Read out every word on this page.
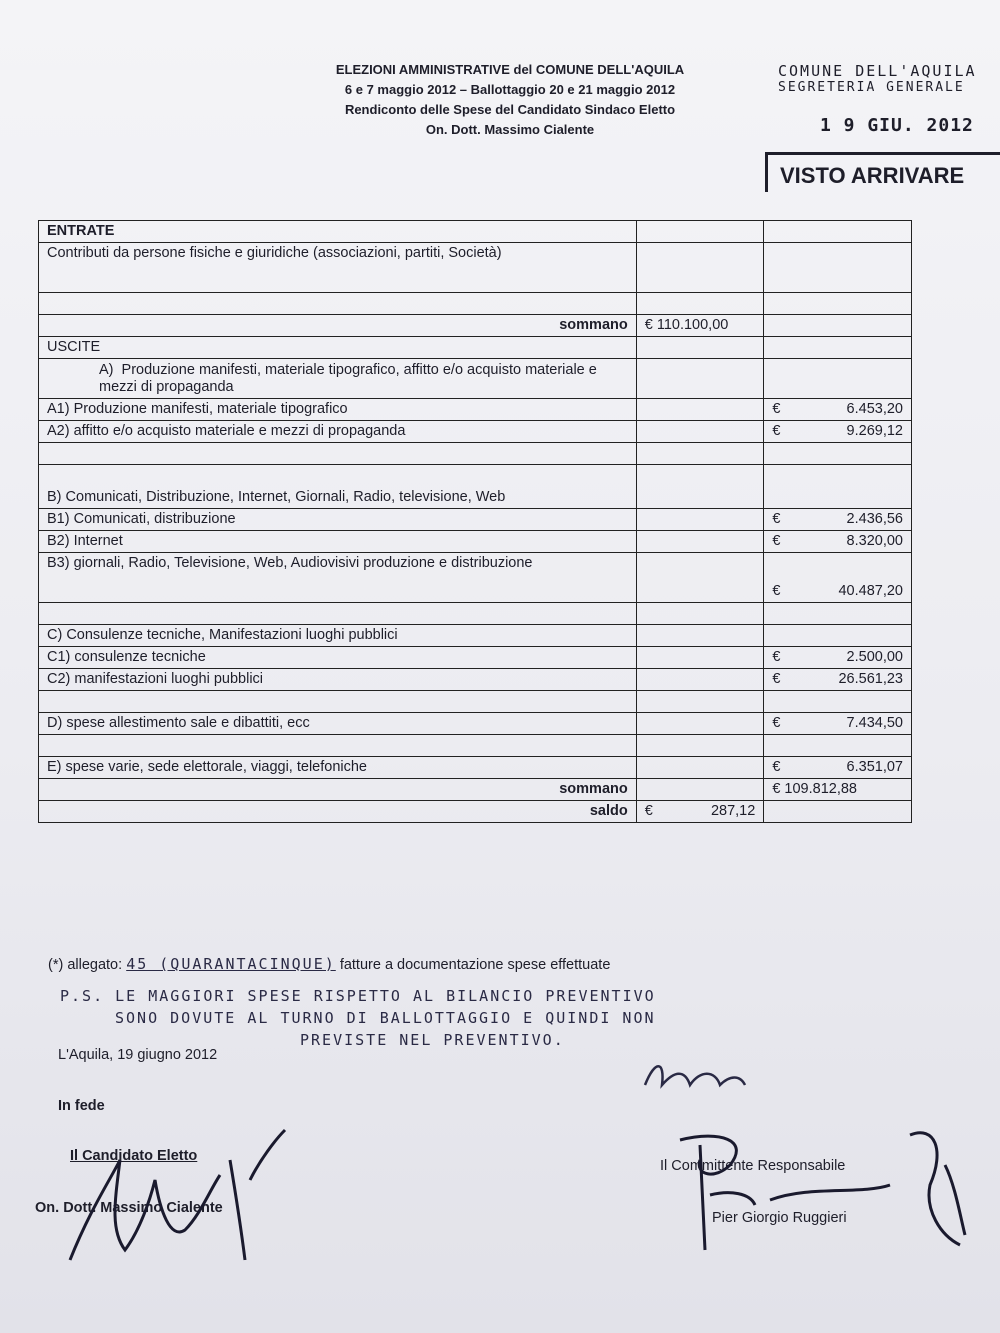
ELEZIONI AMMINISTRATIVE del COMUNE DELL'AQUILA
6 e 7 maggio 2012 – Ballottaggio 20 e 21 maggio 2012
Rendiconto delle Spese del Candidato Sindaco Eletto
On. Dott. Massimo Cialente
COMUNE DELL'AQUILA
SEGRETERIA GENERALE
1 9 GIU. 2012
VISTO ARRIVARE
ENTRATE		
Contributi da persone fisiche e giuridiche (associazioni, partiti, Società)		

sommano	€ 110.100,00	
USCITE		
A)  Produzione manifesti, materiale tipografico, affitto e/o acquisto materiale e mezzi di propaganda		
A1) Produzione manifesti, materiale tipografico		€ 6.453,20

A2) affitto e/o acquisto materiale e mezzi di propaganda		€ 9.269,12

B) Comunicati, Distribuzione, Internet, Giornali, Radio, televisione, Web		
B1) Comunicati, distribuzione		€ 2.436,56

B2) Internet		€ 8.320,00

B3) giornali, Radio, Televisione, Web, Audiovisivi produzione e distribuzione		€ 40.487,20

C) Consulenze tecniche, Manifestazioni luoghi pubblici		
C1) consulenze tecniche		€ 2.500,00

C2) manifestazioni luoghi pubblici		€ 26.561,23

D) spese allestimento sale e dibattiti, ecc		€ 7.434,50

E) spese varie, sede elettorale, viaggi, telefoniche		€ 6.351,07

sommano		€ 109.812,88
saldo	€ 287,12	

(*) allegato: 45 (QUARANTACINQUE) fatture a documentazione spese effettuate
P.S. LE MAGGIORI SPESE RISPETTO AL BILANCIO PREVENTIVO
SONO DOVUTE AL TURNO DI BALLOTTAGGIO E QUINDI NON
PREVISTE NEL PREVENTIVO.
L'Aquila, 19 giugno 2012
In fede
Il Candidato Eletto
On. Dott. Massimo Cialente
Il Committente Responsabile
Pier Giorgio Ruggieri
